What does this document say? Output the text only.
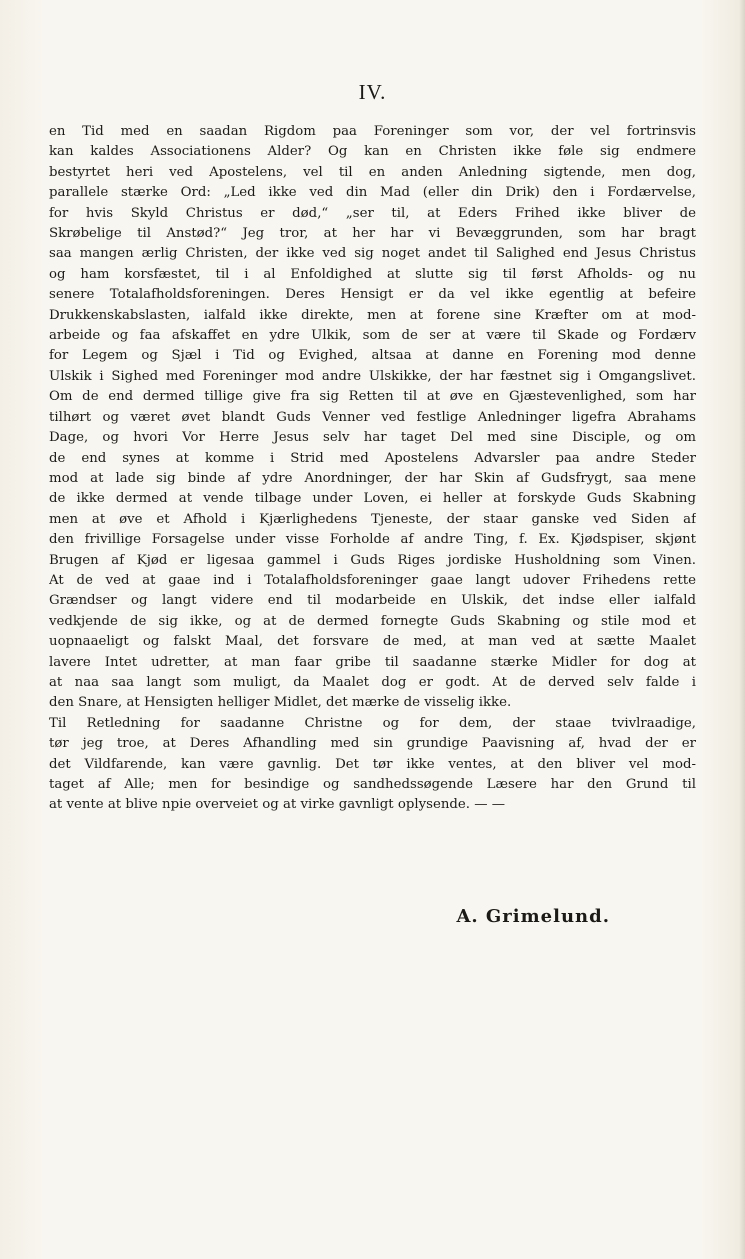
IV.
en Tid med en saadan Rigdom paa Foreninger som vor, der vel fortrinsvis
kan kaldes Associationens Alder? Og kan en Christen ikke føle sig endmere
bestyrtet heri ved Apostelens, vel til en anden Anledning sigtende, men dog,
parallele stærke Ord: „Led ikke ved din Mad (eller din Drik) den i Fordærvelse,
for hvis Skyld Christus er død,“ „ser til, at Eders Frihed ikke bliver de
Skrøbelige til Anstød?“ Jeg tror, at her har vi Bevæggrunden, som har bragt
saa mangen ærlig Christen, der ikke ved sig noget andet til Salighed end Jesus Christus
og ham korsfæstet, til i al Enfoldighed at slutte sig til først Afholds- og nu
senere Totalafholdsforeningen. Deres Hensigt er da vel ikke egentlig at befeire
Drukkenskabslasten, ialfald ikke direkte, men at forene sine Kræfter om at mod-
arbeide og faa afskaffet en ydre Ulkik, som de ser at være til Skade og Fordærv
for Legem og Sjæl i Tid og Evighed, altsaa at danne en Forening mod denne
Ulskik i Sighed med Foreninger mod andre Ulskikke, der har fæstnet sig i Omgangslivet.
Om de end dermed tillige give fra sig Retten til at øve en Gjæstevenlighed, som har
tilhørt og været øvet blandt Guds Venner ved festlige Anledninger ligefra Abrahams
Dage, og hvori Vor Herre Jesus selv har taget Del med sine Disciple, og om
de end synes at komme i Strid med Apostelens Advarsler paa andre Steder
mod at lade sig binde af ydre Anordninger, der har Skin af Gudsfrygt, saa mene
de ikke dermed at vende tilbage under Loven, ei heller at forskyde Guds Skabning
men at øve et Afhold i Kjærlighedens Tjeneste, der staar ganske ved Siden af
den frivillige Forsagelse under visse Forholde af andre Ting, f. Ex. Kjødspiser, skjønt
Brugen af Kjød er ligesaa gammel i Guds Riges jordiske Husholdning som Vinen.
At de ved at gaae ind i Totalafholdsforeninger gaae langt udover Frihedens rette
Grændser og langt videre end til modarbeide en Ulskik, det indse eller ialfald
vedkjende de sig ikke, og at de dermed fornegte Guds Skabning og stile mod et
uopnaaeligt og falskt Maal, det forsvare de med, at man ved at sætte Maalet
lavere Intet udretter, at man faar gribe til saadanne stærke Midler for dog at
at naa saa langt som muligt, da Maalet dog er godt. At de derved selv falde i
den Snare, at Hensigten helliger Midlet, det mærke de visselig ikke.
Til Retledning for saadanne Christne og for dem, der staae tvivlraadige,
tør jeg troe, at Deres Afhandling med sin grundige Paavisning af, hvad der er
det Vildfarende, kan være gavnlig. Det tør ikke ventes, at den bliver vel mod-
taget af Alle; men for besindige og sandhedssøgende Læsere har den Grund til
at vente at blive npie overveiet og at virke gavnligt oplysende. — —
A. Grimelund.
